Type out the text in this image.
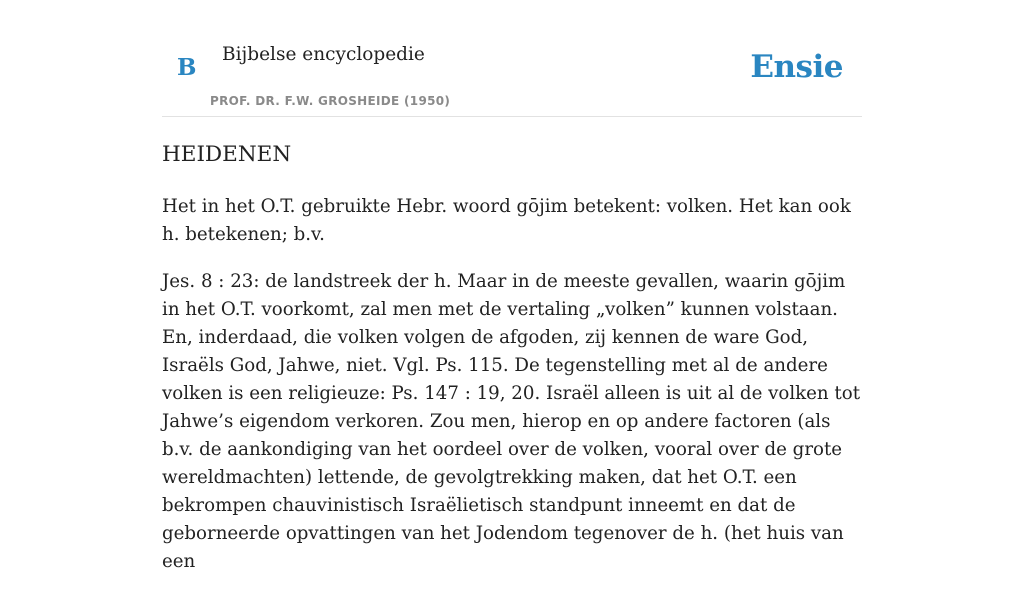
B Bijbelse encyclopedie
PROF. DR. F.W. GROSHEIDE (1950)
Ensie
HEIDENEN

Het in het O.T. gebruikte Hebr. woord gōjim betekent: volken. Het kan ook h. betekenen; b.v.

Jes. 8 : 23: de landstreek der h. Maar in de meeste gevallen, waarin gōjim in het O.T. voorkomt, zal men met de vertaling „volken” kunnen volstaan. En, inderdaad, die volken volgen de afgoden, zij kennen de ware God, Israëls God, Jahwe, niet. Vgl. Ps. 115. De tegenstelling met al de andere volken is een religieuze: Ps. 147 : 19, 20. Israël alleen is uit al de volken tot Jahwe’s eigendom verkoren. Zou men, hierop en op andere factoren (als b.v. de aankondiging van het oordeel over de volken, vooral over de grote wereldmachten) lettende, de gevolgtrekking maken, dat het O.T. een bekrompen chauvinistisch Israëlietisch standpunt inneemt en dat de geborneerde opvattingen van het Jodendom tegenover de h. (het huis van een
